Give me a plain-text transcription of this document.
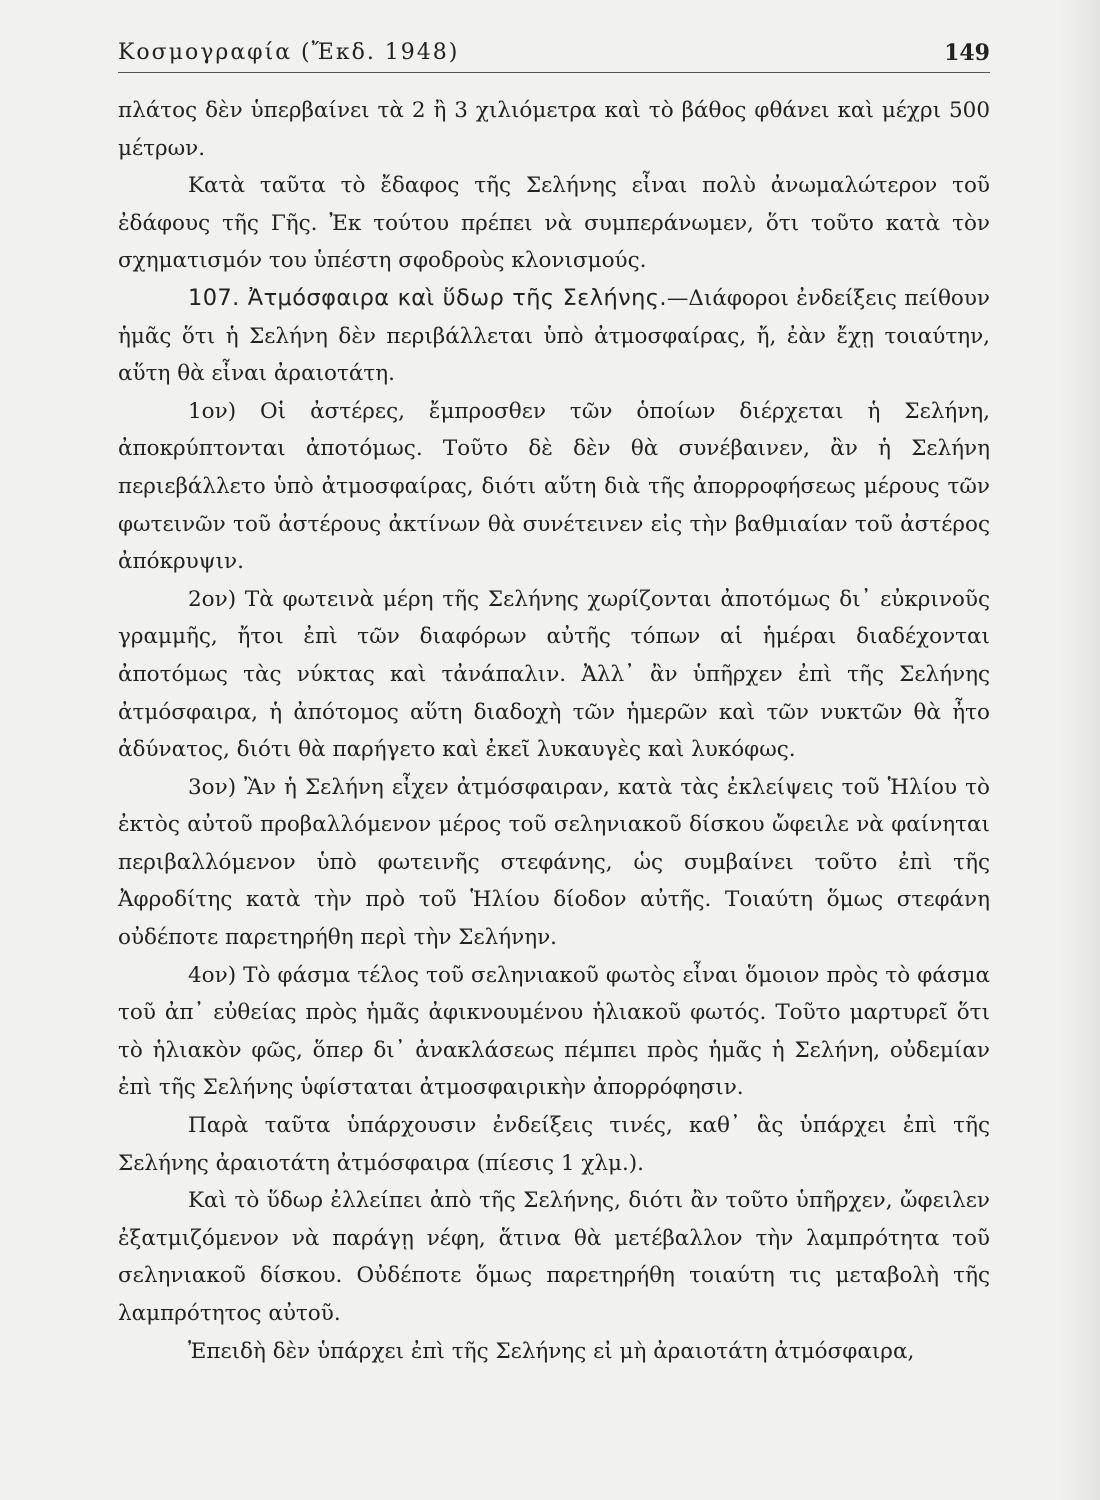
Κοσμογραφία (Ἔκδ. 1948)	149

πλάτος δὲν ὑπερβαίνει τὰ 2 ἢ 3 χιλιόμετρα καὶ τὸ βάθος φθάνει καὶ μέχρι 500 μέτρων.

Κατὰ ταῦτα τὸ ἔδαφος τῆς Σελήνης εἶναι πολὺ ἀνωμαλώτερον τοῦ ἐδάφους τῆς Γῆς. Ἐκ τούτου πρέπει νὰ συμπεράνωμεν, ὅτι τοῦτο κατὰ τὸν σχηματισμόν του ὑπέστη σφοδροὺς κλονισμούς.

107. Ἀτμόσφαιρα καὶ ὕδωρ τῆς Σελήνης.—Διάφοροι ἐνδείξεις πείθουν ἡμᾶς ὅτι ἡ Σελήνη δὲν περιβάλλεται ὑπὸ ἀτμοσφαίρας, ἤ, ἐὰν ἔχῃ τοιαύτην, αὕτη θὰ εἶναι ἀραιοτάτη.

1ον) Οἱ ἀστέρες, ἔμπροσθεν τῶν ὁποίων διέρχεται ἡ Σελήνη, ἀποκρύπτονται ἀποτόμως. Τοῦτο δὲ δὲν θὰ συνέβαινεν, ἂν ἡ Σελήνη περιεβάλλετο ὑπὸ ἀτμοσφαίρας, διότι αὕτη διὰ τῆς ἀπορροφήσεως μέρους τῶν φωτεινῶν τοῦ ἀστέρους ἀκτίνων θὰ συνέτεινεν εἰς τὴν βαθμιαίαν τοῦ ἀστέρος ἀπόκρυψιν.

2ον) Τὰ φωτεινὰ μέρη τῆς Σελήνης χωρίζονται ἀποτόμως δι᾽ εὐκρινοῦς γραμμῆς, ἤτοι ἐπὶ τῶν διαφόρων αὐτῆς τόπων αἱ ἡμέραι διαδέχονται ἀποτόμως τὰς νύκτας καὶ τἀνάπαλιν. Ἀλλ᾽ ἂν ὑπῆρχεν ἐπὶ τῆς Σελήνης ἀτμόσφαιρα, ἡ ἀπότομος αὕτη διαδοχὴ τῶν ἡμερῶν καὶ τῶν νυκτῶν θὰ ἦτο ἀδύνατος, διότι θὰ παρήγετο καὶ ἐκεῖ λυκαυγὲς καὶ λυκόφως.

3ον) Ἂν ἡ Σελήνη εἶχεν ἀτμόσφαιραν, κατὰ τὰς ἐκλείψεις τοῦ Ἡλίου τὸ ἐκτὸς αὐτοῦ προβαλλόμενον μέρος τοῦ σεληνιακοῦ δίσκου ὤφειλε νὰ φαίνηται περιβαλλόμενον ὑπὸ φωτεινῆς στεφάνης, ὡς συμβαίνει τοῦτο ἐπὶ τῆς Ἀφροδίτης κατὰ τὴν πρὸ τοῦ Ἡλίου δίοδον αὐτῆς. Τοιαύτη ὅμως στεφάνη οὐδέποτε παρετηρήθη περὶ τὴν Σελήνην.

4ον) Τὸ φάσμα τέλος τοῦ σεληνιακοῦ φωτὸς εἶναι ὅμοιον πρὸς τὸ φάσμα τοῦ ἀπ᾽ εὐθείας πρὸς ἡμᾶς ἀφικνουμένου ἡλιακοῦ φωτός. Τοῦτο μαρτυρεῖ ὅτι τὸ ἡλιακὸν φῶς, ὅπερ δι᾽ ἀνακλάσεως πέμπει πρὸς ἡμᾶς ἡ Σελήνη, οὐδεμίαν ἐπὶ τῆς Σελήνης ὑφίσταται ἀτμοσφαιρικὴν ἀπορρόφησιν.

Παρὰ ταῦτα ὑπάρχουσιν ἐνδείξεις τινές, καθ᾽ ἃς ὑπάρχει ἐπὶ τῆς Σελήνης ἀραιοτάτη ἀτμόσφαιρα (πίεσις 1 χλμ.).

Καὶ τὸ ὕδωρ ἐλλείπει ἀπὸ τῆς Σελήνης, διότι ἂν τοῦτο ὑπῆρχεν, ὤφειλεν ἐξατμιζόμενον νὰ παράγῃ νέφη, ἅτινα θὰ μετέβαλλον τὴν λαμπρότητα τοῦ σεληνιακοῦ δίσκου. Οὐδέποτε ὅμως παρετηρήθη τοιαύτη τις μεταβολὴ τῆς λαμπρότητος αὐτοῦ.

Ἐπειδὴ δὲν ὑπάρχει ἐπὶ τῆς Σελήνης εἰ μὴ ἀραιοτάτη ἀτμόσφαιρα,
